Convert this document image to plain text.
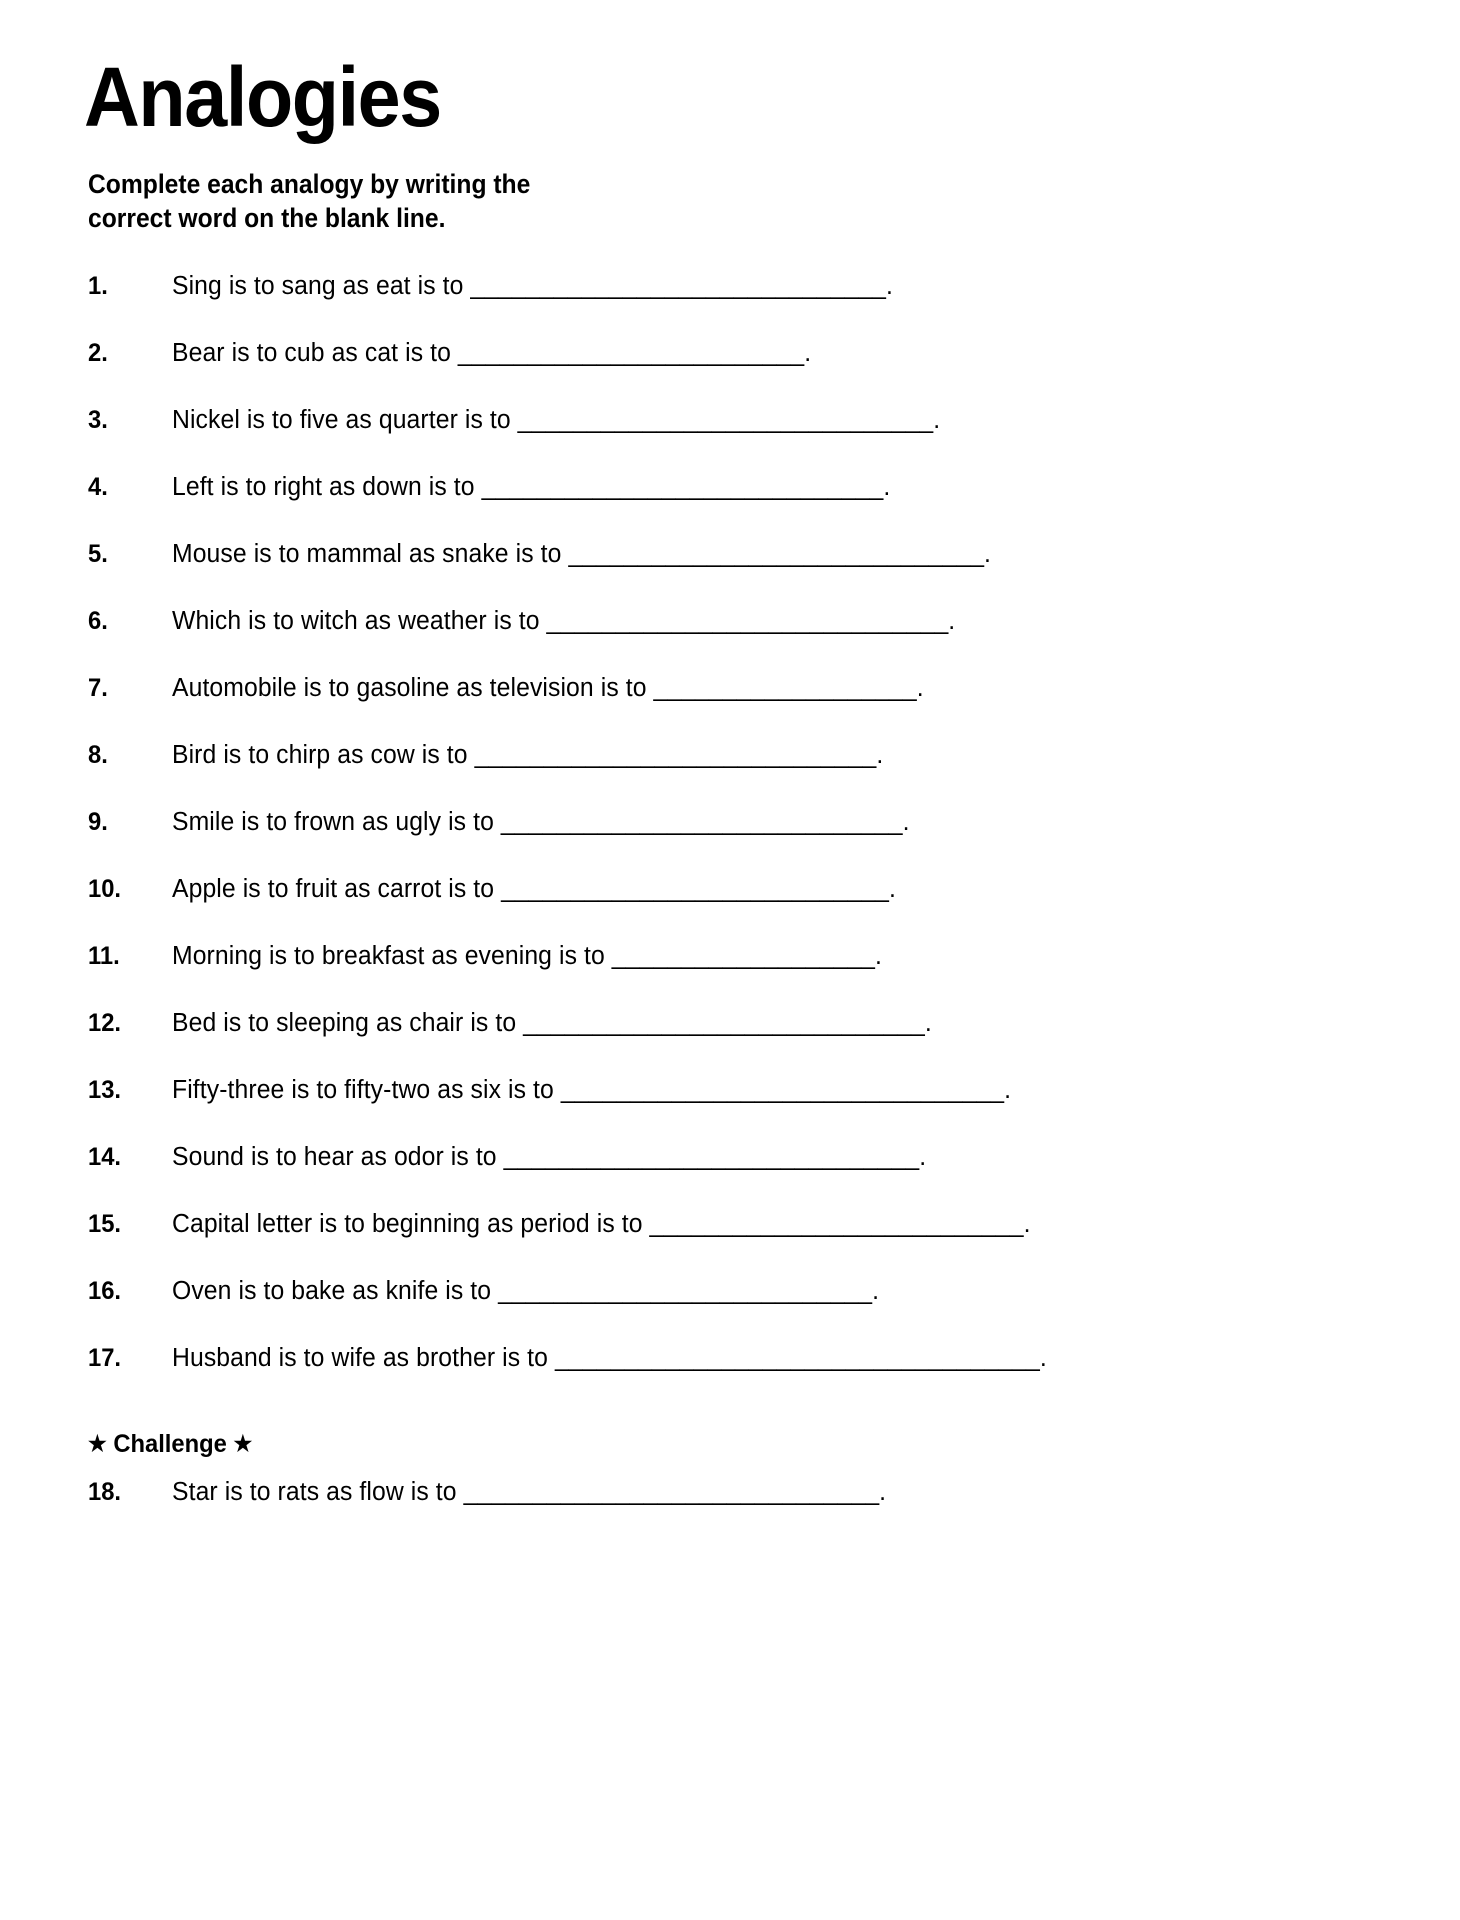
Analogies
Complete each analogy by writing the
correct word on the blank line.
1.	Sing is to sang as eat is to ______________________________.
2.	Bear is to cub as cat is to _________________________.
3.	Nickel is to five as quarter is to ______________________________.
4.	Left is to right as down is to _____________________________.
5.	Mouse is to mammal as snake is to ______________________________.
6.	Which is to witch as weather is to _____________________________.
7.	Automobile is to gasoline as television is to ___________________.
8.	Bird is to chirp as cow is to _____________________________.
9.	Smile is to frown as ugly is to _____________________________.
10.	Apple is to fruit as carrot is to ____________________________.
11.	Morning is to breakfast as evening is to ___________________.
12.	Bed is to sleeping as chair is to _____________________________.
13.	Fifty-three is to fifty-two as six is to ________________________________.
14.	Sound is to hear as odor is to ______________________________.
15.	Capital letter is to beginning as period is to ___________________________.
16.	Oven is to bake as knife is to ___________________________.
17.	Husband is to wife as brother is to ___________________________________.
★ Challenge ★
18.	Star is to rats as flow is to ______________________________.
